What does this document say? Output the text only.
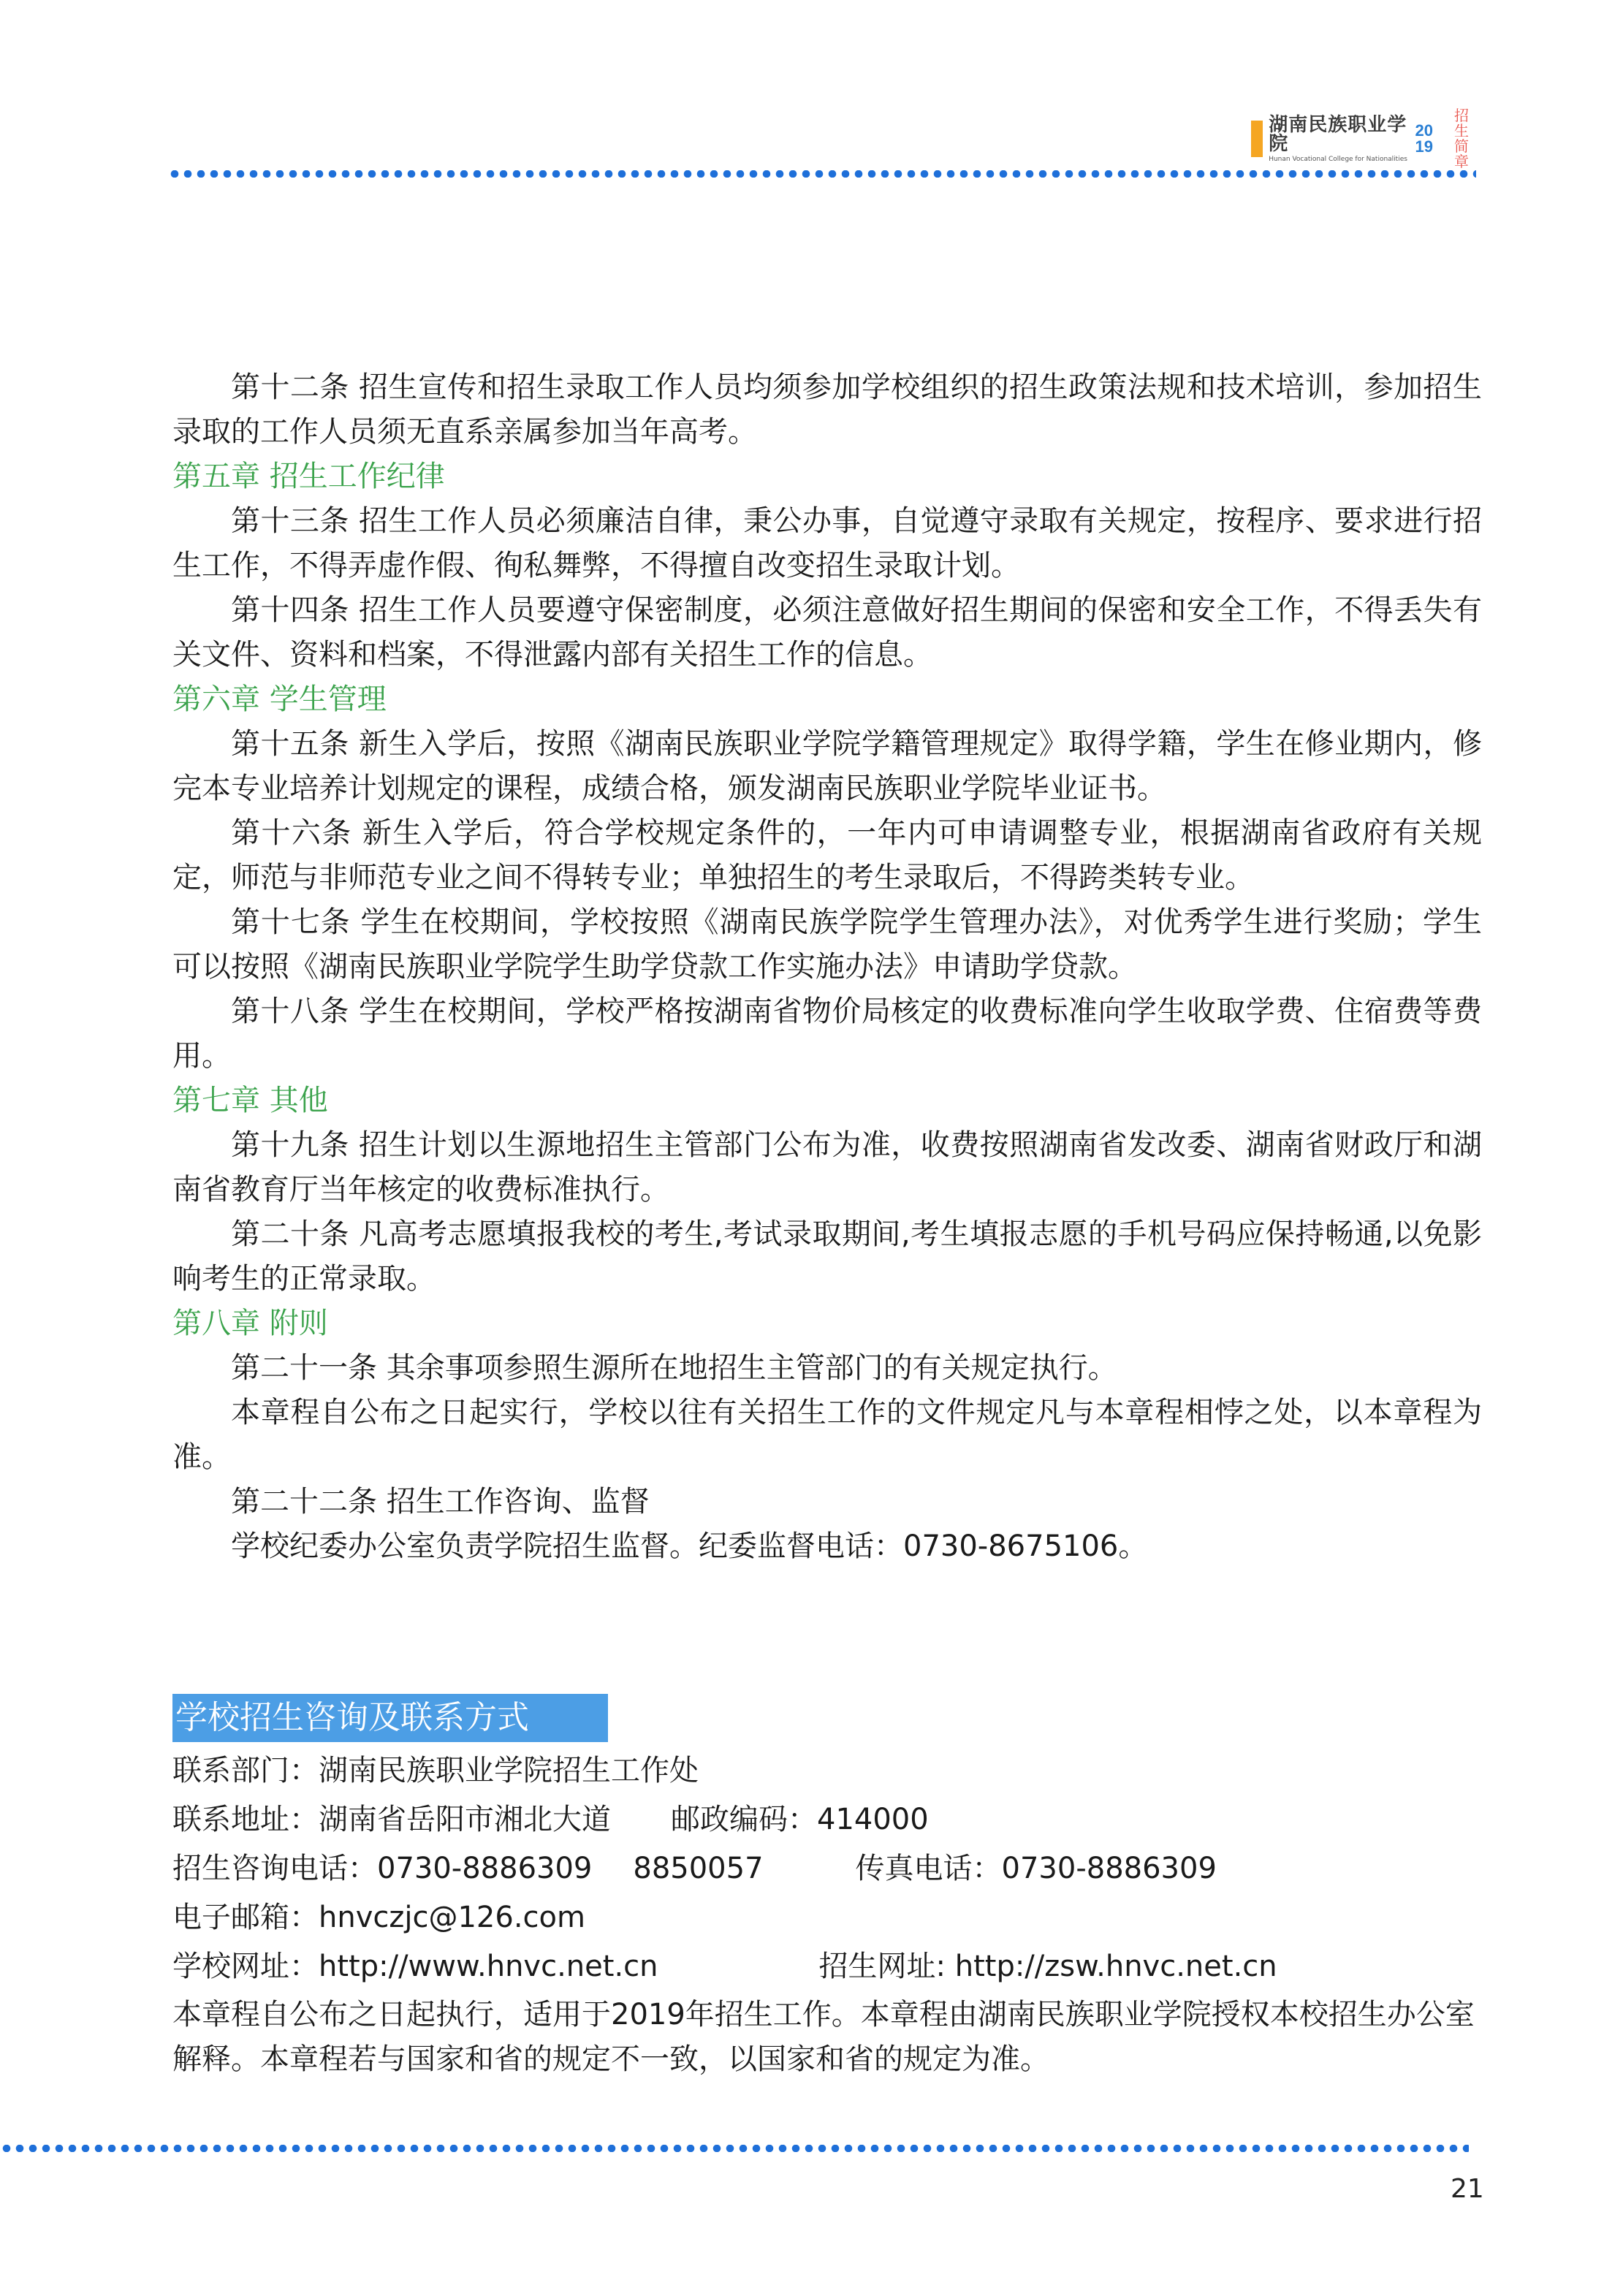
湖南民族职业学院
Hunan Vocational College for Nationalities
20 19
招生
简章

第十二条 招生宣传和招生录取工作人员均须参加学校组织的招生政策法规和技术培训，参加招生录取的工作人员须无直系亲属参加当年高考。

第五章 招生工作纪律

第十三条 招生工作人员必须廉洁自律，秉公办事，自觉遵守录取有关规定，按程序、要求进行招生工作，不得弄虚作假、徇私舞弊，不得擅自改变招生录取计划。

第十四条 招生工作人员要遵守保密制度，必须注意做好招生期间的保密和安全工作，不得丢失有关文件、资料和档案，不得泄露内部有关招生工作的信息。

第六章 学生管理

第十五条 新生入学后，按照《湖南民族职业学院学籍管理规定》取得学籍，学生在修业期内，修完本专业培养计划规定的课程，成绩合格，颁发湖南民族职业学院毕业证书。

第十六条 新生入学后，符合学校规定条件的，一年内可申请调整专业，根据湖南省政府有关规定，师范与非师范专业之间不得转专业；单独招生的考生录取后，不得跨类转专业。

第十七条 学生在校期间，学校按照《湖南民族学院学生管理办法》，对优秀学生进行奖励；学生可以按照《湖南民族职业学院学生助学贷款工作实施办法》申请助学贷款。

第十八条 学生在校期间，学校严格按湖南省物价局核定的收费标准向学生收取学费、住宿费等费用。

第七章 其他

第十九条 招生计划以生源地招生主管部门公布为准，收费按照湖南省发改委、湖南省财政厅和湖南省教育厅当年核定的收费标准执行。

第二十条 凡高考志愿填报我校的考生,考试录取期间,考生填报志愿的手机号码应保持畅通,以免影响考生的正常录取。

第八章 附则

第二十一条 其余事项参照生源所在地招生主管部门的有关规定执行。

本章程自公布之日起实行，学校以往有关招生工作的文件规定凡与本章程相悖之处，以本章程为准。

第二十二条 招生工作咨询、监督

学校纪委办公室负责学院招生监督。纪委监督电话：0730-8675106。

学校招生咨询及联系方式
联系部门：湖南民族职业学院招生工作处
联系地址：湖南省岳阳市湘北大道 邮政编码：414000
招生咨询电话：0730-8886309 8850057	传真电话：0730-8886309
电子邮箱：hnvczjc@126.com
学校网址：http://www.hnvc.net.cn	招生网址: http://zsw.hnvc.net.cn
本章程自公布之日起执行，适用于2019年招生工作。本章程由湖南民族职业学院授权本校招生办公室解释。本章程若与国家和省的规定不一致，以国家和省的规定为准。
21
